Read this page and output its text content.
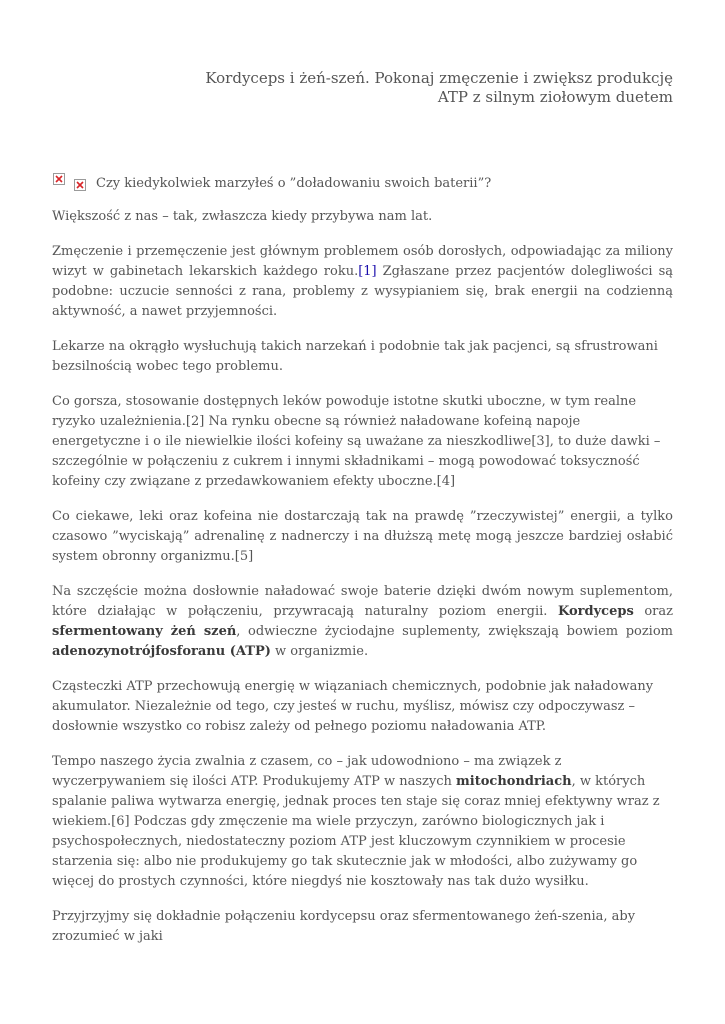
Kordyceps i żeń-szeń. Pokonaj zmęczenie i zwiększ produkcję ATP z silnym ziołowym duetem
Czy kiedykolwiek marzyłeś o ”doładowaniu swoich baterii”?

Większość z nas – tak, zwłaszcza kiedy przybywa nam lat.

Zmęczenie i przemęczenie jest głównym problemem osób dorosłych, odpowiadając za miliony wizyt w gabinetach lekarskich każdego roku.[1] Zgłaszane przez pacjentów dolegliwości są podobne: uczucie senności z rana, problemy z wysypianiem się, brak energii na codzienną aktywność, a nawet przyjemności.

Lekarze na okrągło wysłuchują takich narzekań i podobnie tak jak pacjenci, są sfrustrowani bezsilnością wobec tego problemu.

Co gorsza, stosowanie dostępnych leków powoduje istotne skutki uboczne, w tym realne ryzyko uzależnienia.[2] Na rynku obecne są również naładowane kofeiną napoje energetyczne i o ile niewielkie ilości kofeiny są uważane za nieszkodliwe[3], to duże dawki – szczególnie w połączeniu z cukrem i innymi składnikami – mogą powodować toksyczność kofeiny czy związane z przedawkowaniem efekty uboczne.[4]

Co ciekawe, leki oraz kofeina nie dostarczają tak na prawdę ”rzeczywistej” energii, a tylko czasowo ”wyciskają” adrenalinę z nadnerczy i na dłuższą metę mogą jeszcze bardziej osłabić system obronny organizmu.[5]

Na szczęście można dosłownie naładować swoje baterie dzięki dwóm nowym suplementom, które działając w połączeniu, przywracają naturalny poziom energii. Kordyceps oraz sfermentowany żeń szeń, odwieczne życiodajne suplementy, zwiększają bowiem poziom adenozynotrójfosforanu (ATP) w organizmie.

Cząsteczki ATP przechowują energię w wiązaniach chemicznych, podobnie jak naładowany akumulator. Niezależnie od tego, czy jesteś w ruchu, myślisz, mówisz czy odpoczywasz – dosłownie wszystko co robisz zależy od pełnego poziomu naładowania ATP.

Tempo naszego życia zwalnia z czasem, co – jak udowodniono – ma związek z wyczerpywaniem się ilości ATP. Produkujemy ATP w naszych mitochondriach, w których spalanie paliwa wytwarza energię, jednak proces ten staje się coraz mniej efektywny wraz z wiekiem.[6] Podczas gdy zmęczenie ma wiele przyczyn, zarówno biologicznych jak i psychospołecznych, niedostateczny poziom ATP jest kluczowym czynnikiem w procesie starzenia się: albo nie produkujemy go tak skutecznie jak w młodości, albo zużywamy go więcej do prostych czynności, które niegdyś nie kosztowały nas tak dużo wysiłku.

Przyjrzyjmy się dokładnie połączeniu kordycepsu oraz sfermentowanego żeń-szenia, aby zrozumieć w jaki
